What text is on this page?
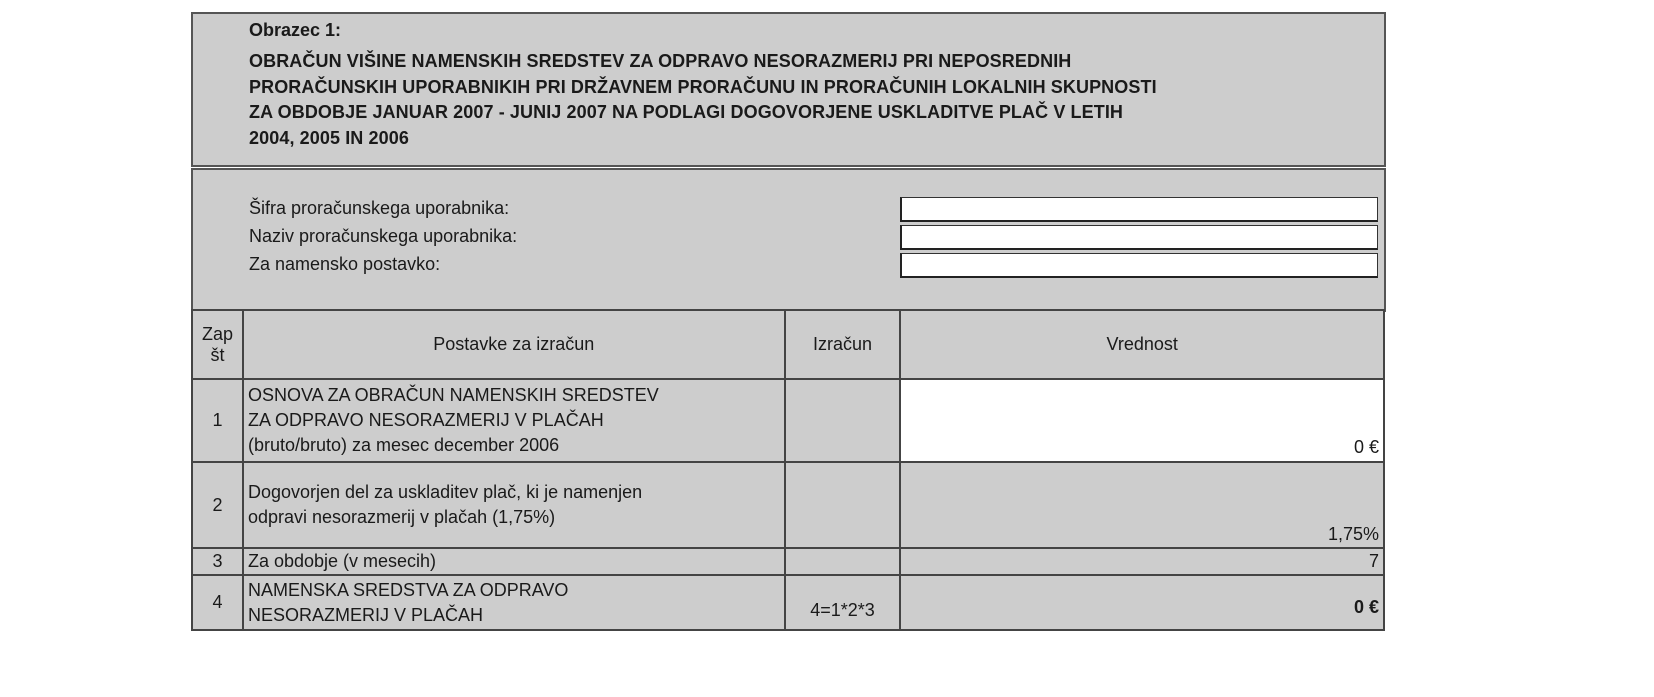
Obrazec 1:
OBRAČUN VIŠINE NAMENSKIH SREDSTEV ZA ODPRAVO NESORAZMERIJ PRI NEPOSREDNIH
PRORAČUNSKIH UPORABNIKIH PRI DRŽAVNEM PRORAČUNU IN PRORAČUNIH LOKALNIH SKUPNOSTI
ZA OBDOBJE JANUAR 2007 - JUNIJ 2007 NA PODLAGI DOGOVORJENE USKLADITVE PLAČ V LETIH
2004, 2005 IN 2006
Šifra proračunskega uporabnika:
Naziv proračunskega uporabnika:
Za namensko postavko:
Zap
št	Postavke za izračun	Izračun	Vrednost
1	OSNOVA ZA OBRAČUN NAMENSKIH SREDSTEV
ZA ODPRAVO NESORAZMERIJ V PLAČAH
(bruto/bruto) za mesec december 2006		0 €
2	Dogovorjen del za uskladitev plač, ki je namenjen
odpravi nesorazmerij v plačah (1,75%)		1,75%
3	Za obdobje (v mesecih)		7
4	NAMENSKA SREDSTVA ZA ODPRAVO
NESORAZMERIJ V PLAČAH	4=1*2*3	0 €
